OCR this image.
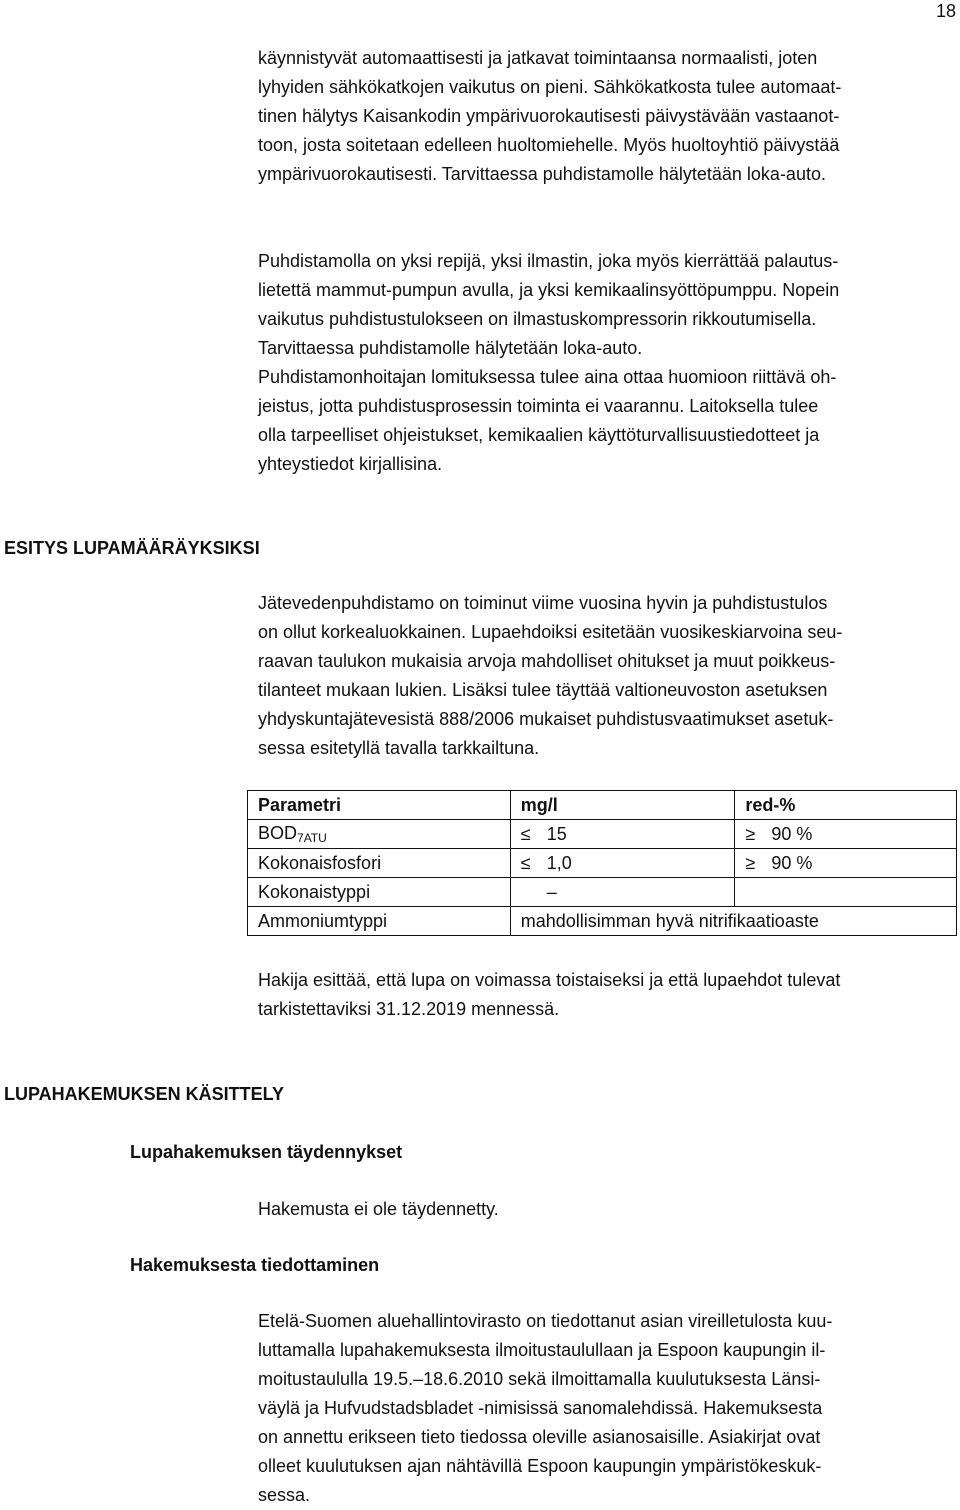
18

käynnistyvät automaattisesti ja jatkavat toimintaansa normaalisti, joten
lyhyiden sähkökatkojen vaikutus on pieni. Sähkökatkosta tulee automaat-
tinen hälytys Kaisankodin ympärivuorokautisesti päivystävään vastaanot-
toon, josta soitetaan edelleen huoltomiehelle. Myös huoltoyhtiö päivystää
ympärivuorokautisesti. Tarvittaessa puhdistamolle hälytetään loka-auto.

Puhdistamolla on yksi repijä, yksi ilmastin, joka myös kierrättää palautus-
lietettä mammut-pumpun avulla, ja yksi kemikaalinsyöttöpumppu. Nopein
vaikutus puhdistustulokseen on ilmastuskompressorin rikkoutumisella.
Tarvittaessa puhdistamolle hälytetään loka-auto.

Puhdistamonhoitajan lomituksessa tulee aina ottaa huomioon riittävä oh-
jeistus, jotta puhdistusprosessin toiminta ei vaarannu. Laitoksella tulee
olla tarpeelliset ohjeistukset, kemikaalien käyttöturvallisuustiedotteet ja
yhteystiedot kirjallisina.

ESITYS LUPAMÄÄRÄYKSIKSI

Jätevedenpuhdistamo on toiminut viime vuosina hyvin ja puhdistustulos
on ollut korkealuokkainen. Lupaehdoiksi esitetään vuosikeskiarvoina seu-
raavan taulukon mukaisia arvoja mahdolliset ohitukset ja muut poikkeus-
tilanteet mukaan lukien. Lisäksi tulee täyttää valtioneuvoston asetuksen
yhdyskuntajätevesistä 888/2006 mukaiset puhdistusvaatimukset asetuk-
sessa esitetyllä tavalla tarkkailtuna.

Parametri	mg/l	red-%
$BOD_{7ATU}$	≤ 15	≥ 90 %
Kokonaisfosfori	≤ 1,0	≥ 90 %
Kokonaistyppi	–	
Ammoniumtyppi	mahdollisimman hyvä nitrifikaatioaste	

Hakija esittää, että lupa on voimassa toistaiseksi ja että lupaehdot tulevat
tarkistettaviksi 31.12.2019 mennessä.

LUPAHAKEMUKSEN KÄSITTELY
Lupahakemuksen täydennykset

Hakemusta ei ole täydennetty.

Hakemuksesta tiedottaminen

Etelä-Suomen aluehallintovirasto on tiedottanut asian vireilletulosta kuu-
luttamalla lupahakemuksesta ilmoitustaulullaan ja Espoon kaupungin il-
moitustaululla 19.5.–18.6.2010 sekä ilmoittamalla kuulutuksesta Länsi-
väylä ja Hufvudstadsbladet -nimisissä sanomalehdissä. Hakemuksesta
on annettu erikseen tieto tiedossa oleville asianosaisille. Asiakirjat ovat
olleet kuulutuksen ajan nähtävillä Espoon kaupungin ympäristökeskuk-
sessa.
